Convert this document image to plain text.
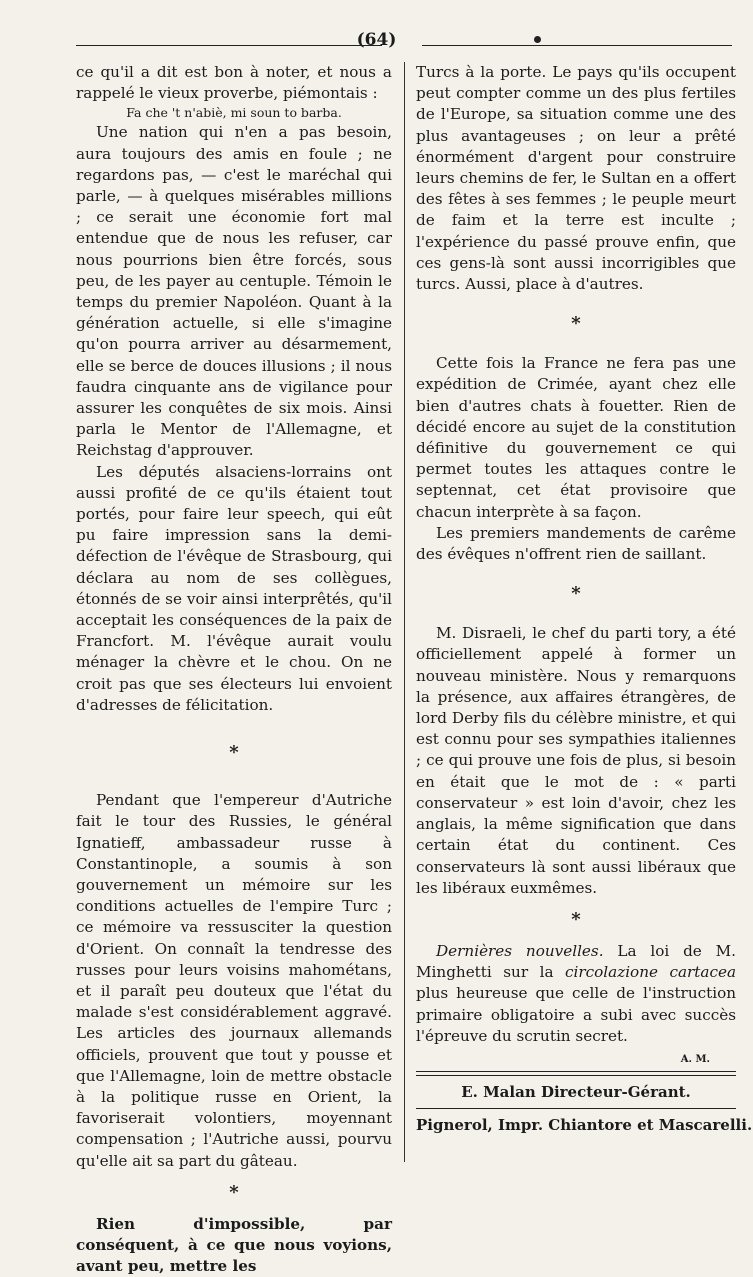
(64)

ce qu'il a dit est bon à noter, et nous a rappelé le vieux proverbe, piémontais :

Fa che 't n'abiè, mi soun to barba.

Une nation qui n'en a pas besoin, aura toujours des amis en foule ; ne regardons pas, — c'est le maréchal qui parle, — à quelques misérables millions ; ce serait une économie fort mal entendue que de nous les refuser, car nous pourrions bien être forcés, sous peu, de les payer au centuple. Témoin le temps du premier Napoléon. Quant à la génération actuelle, si elle s'imagine qu'on pourra arriver au désarmement, elle se berce de douces illusions ; il nous faudra cinquante ans de vigilance pour assurer les conquêtes de six mois. Ainsi parla le Mentor de l'Allemagne, et Reichstag d'approuver.

Les députés alsaciens-lorrains ont aussi profité de ce qu'ils étaient tout portés, pour faire leur speech, qui eût pu faire impression sans la demi-défection de l'évêque de Strasbourg, qui déclara au nom de ses collègues, étonnés de se voir ainsi interprêtés, qu'il acceptait les conséquences de la paix de Francfort. M. l'évêque aurait voulu ménager la chèvre et le chou. On ne croit pas que ses électeurs lui envoient d'adresses de félicitation.

*

Pendant que l'empereur d'Autriche fait le tour des Russies, le général Ignatieff, ambassadeur russe à Constantinople, a soumis à son gouvernement un mémoire sur les conditions actuelles de l'empire Turc ; ce mémoire va ressusciter la question d'Orient. On connaît la tendresse des russes pour leurs voisins mahométans, et il paraît peu douteux que l'état du malade s'est considérablement aggravé. Les articles des journaux allemands officiels, prouvent que tout y pousse et que l'Allemagne, loin de mettre obstacle à la politique russe en Orient, la favoriserait volontiers, moyennant compensation ; l'Autriche aussi, pourvu qu'elle ait sa part du gâteau.

*

Rien d'impossible, par conséquent, à ce que nous voyions, avant peu, mettre les

Turcs à la porte. Le pays qu'ils occupent peut compter comme un des plus fertiles de l'Europe, sa situation comme une des plus avantageuses ; on leur a prêté énormément d'argent pour construire leurs chemins de fer, le Sultan en a offert des fêtes à ses femmes ; le peuple meurt de faim et la terre est inculte ; l'expérience du passé prouve enfin, que ces gens-là sont aussi incorrigibles que turcs. Aussi, place à d'autres.

*

Cette fois la France ne fera pas une expédition de Crimée, ayant chez elle bien d'autres chats à fouetter. Rien de décidé encore au sujet de la constitution définitive du gouvernement ce qui permet toutes les attaques contre le septennat, cet état provisoire que chacun interprète à sa façon.

Les premiers mandements de carême des évêques n'offrent rien de saillant.

*

M. Disraeli, le chef du parti tory, a été officiellement appelé à former un nouveau ministère. Nous y remarquons la présence, aux affaires étrangères, de lord Derby fils du célèbre ministre, et qui est connu pour ses sympathies italiennes ; ce qui prouve une fois de plus, si besoin en était que le mot de : « parti conservateur » est loin d'avoir, chez les anglais, la même signification que dans certain état du continent. Ces conservateurs là sont aussi libéraux que les libéraux euxmêmes.

*

Dernières nouvelles. La loi de M. Minghetti sur la circolazione cartacea plus heureuse que celle de l'instruction primaire obligatoire a subi avec succès l'épreuve du scrutin secret.

A. M.
E. Malan Directeur-Gérant.
Pignerol, Impr. Chiantore et Mascarelli.
